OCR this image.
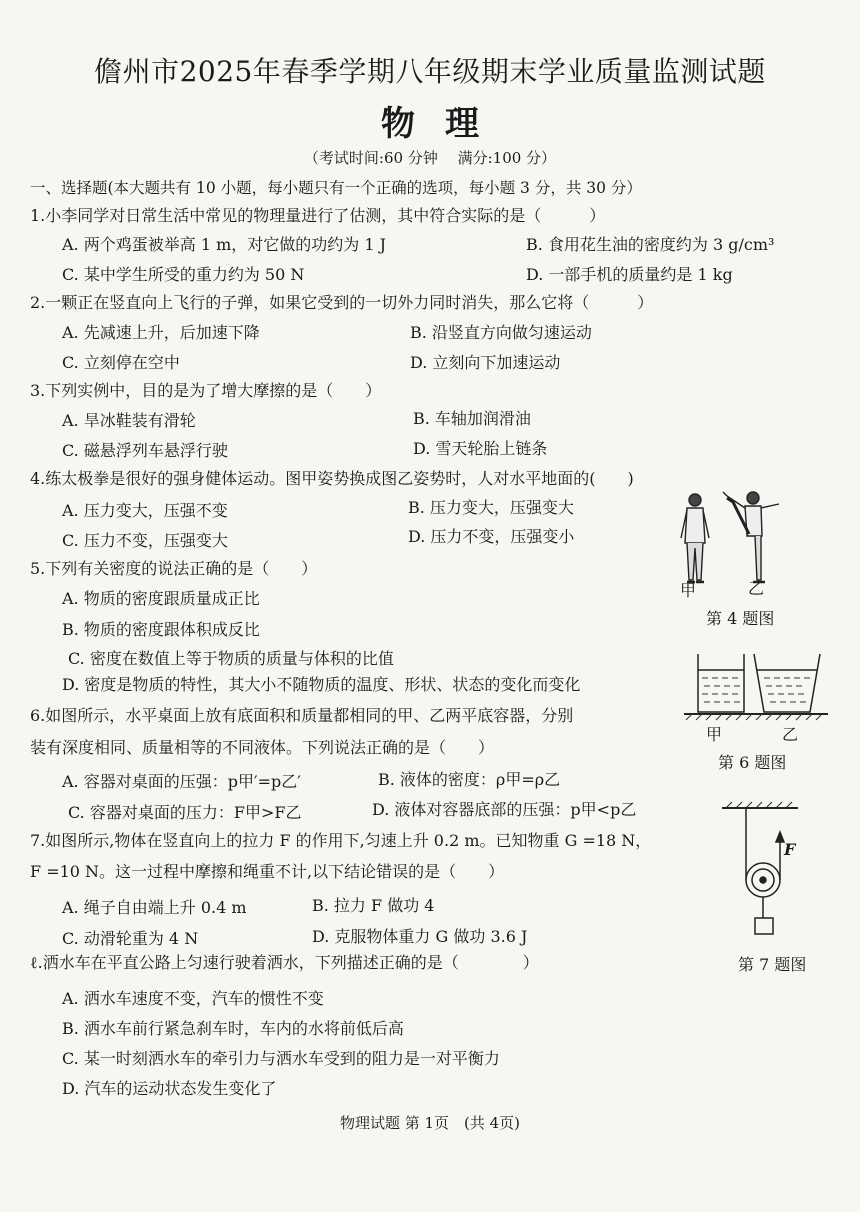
儋州市2025年春季学期八年级期末学业质量监测试题
物理
（考试时间:60 分钟　 满分:100 分）
一、选择题(本大题共有 10 小题，每小题只有一个正确的选项，每小题 3 分，共 30 分）
1.小李同学对日常生活中常见的物理量进行了估测，其中符合实际的是（　　　）
A. 两个鸡蛋被举高 1 m，对它做的功约为 1 J	B. 食用花生油的密度约为 3 g/cm³
C. 某中学生所受的重力约为 50 N	D. 一部手机的质量约是 1 kg
2.一颗正在竖直向上飞行的子弹，如果它受到的一切外力同时消失，那么它将（　　　）
A. 先减速上升，后加速下降	B. 沿竖直方向做匀速运动
C. 立刻停在空中	D. 立刻向下加速运动
3.下列实例中，目的是为了增大摩擦的是（　　）
A. 旱冰鞋装有滑轮	B. 车轴加润滑油
C. 磁悬浮列车悬浮行驶	D. 雪天轮胎上链条
4.练太极拳是很好的强身健体运动。图甲姿势换成图乙姿势时，人对水平地面的(　　)
A. 压力变大，压强不变	B. 压力变大，压强变大
C. 压力不变，压强变大	D. 压力不变，压强变小
5.下列有关密度的说法正确的是（　　）
A. 物质的密度跟质量成正比
B. 物质的密度跟体积成反比
C. 密度在数值上等于物质的质量与体积的比值
D. 密度是物质的特性，其大小不随物质的温度、形状、状态的变化而变化
6.如图所示，水平桌面上放有底面积和质量都相同的甲、乙两平底容器，分别
装有深度相同、质量相等的不同液体。下列说法正确的是（　　）
A. 容器对桌面的压强：p甲′=p乙′	B. 液体的密度：ρ甲=ρ乙
C. 容器对桌面的压力：F甲>F乙	D. 液体对容器底部的压强：p甲<p乙
7.如图所示,物体在竖直向上的拉力 F 的作用下,匀速上升 0.2 m。已知物重 G =18 N，
F =10 N。这一过程中摩擦和绳重不计,以下结论错误的是（　　）
A. 绳子自由端上升 0.4 m	B. 拉力 F 做功 4
C. 动滑轮重为 4 N	D. 克服物体重力 G 做功 3.6 J
ℓ.洒水车在平直公路上匀速行驶着洒水，下列描述正确的是（　　　　）
A. 洒水车速度不变，汽车的惯性不变
B. 洒水车前行紧急刹车时，车内的水将前低后高
C. 某一时刻洒水车的牵引力与洒水车受到的阻力是一对平衡力
D. 汽车的运动状态发生变化了
甲	乙
第 4 题图
甲	乙
第 6 题图
F
第 7 题图
物理试题 第 1页　(共 4页)
